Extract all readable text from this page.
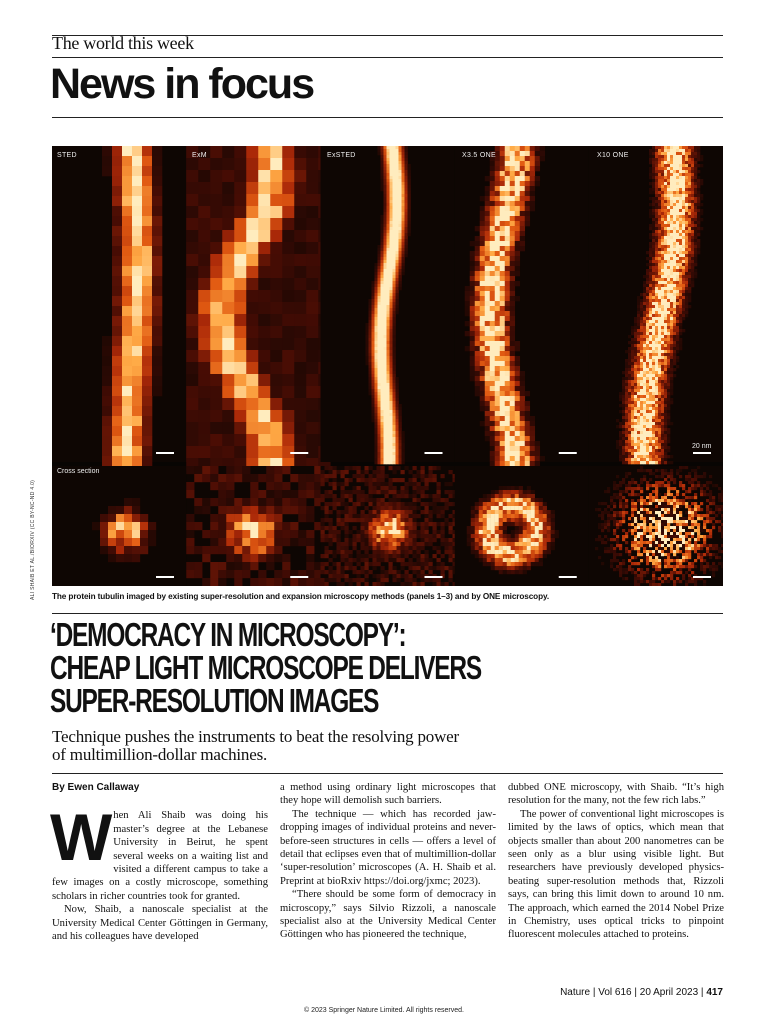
The world this week
News in focus
ALI SHAIB ET AL./BIORXIV (CC BY-NC-ND 4.0)
STED	ExM	ExSTED	X3.5 ONE	X10 ONE
Cross section
20 nm
The protein tubulin imaged by existing super-resolution and expansion microscopy methods (panels 1–3) and by ONE microscopy.
‘DEMOCRACY IN MICROSCOPY’:
CHEAP LIGHT MICROSCOPE DELIVERS
SUPER-RESOLUTION IMAGES
Technique pushes the instruments to beat the resolving power of multimillion-dollar machines.

By Ewen Callaway

When Ali Shaib was doing his master’s degree at the Lebanese University in Beirut, he spent several weeks on a waiting list and visited a different campus to take a few images on a costly microscope, something scholars in richer countries took for granted.

Now, Shaib, a nanoscale specialist at the University Medical Center Göttingen in Germany, and his colleagues have developed

a method using ordinary light microscopes that they hope will demolish such barriers.

The technique — which has recorded jaw-dropping images of individual proteins and never-before-seen structures in cells — offers a level of detail that eclipses even that of multimillion-dollar ‘super-resolution’ microscopes (A. H. Shaib et al. Preprint at bioRxiv https://doi.org/jxmc; 2023).

“There should be some form of democracy in microscopy,” says Silvio Rizzoli, a nanoscale specialist also at the University Medical Center Göttingen who has pioneered the technique,

dubbed ONE microscopy, with Shaib. “It’s high resolution for the many, not the few rich labs.”

The power of conventional light microscopes is limited by the laws of optics, which mean that objects smaller than about 200 nanometres can be seen only as a blur using visible light. But researchers have previously developed physics-beating super-resolution methods that, Rizzoli says, can bring this limit down to around 10 nm. The approach, which earned the 2014 Nobel Prize in Chemistry, uses optical tricks to pinpoint fluorescent molecules attached to proteins.

Nature | Vol 616 | 20 April 2023 | 417
© 2023 Springer Nature Limited. All rights reserved.
